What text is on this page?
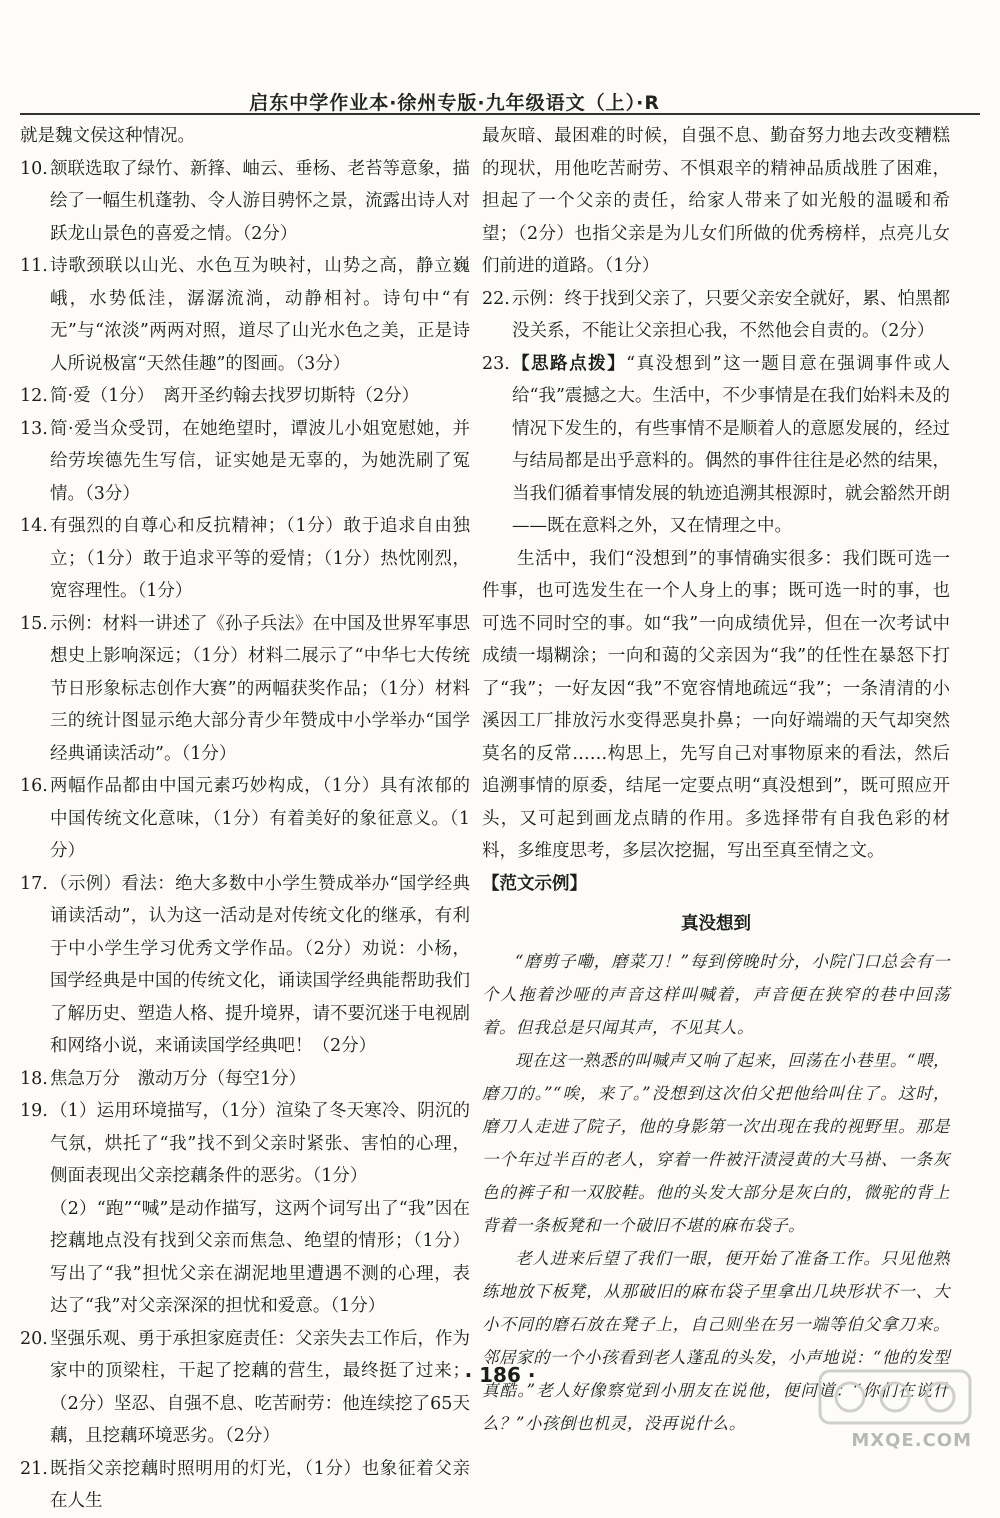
启东中学作业本·徐州专版·九年级语文（上）·R
就是魏文侯这种情况。
10. 颔联选取了绿竹、新箨、岫云、垂杨、老苔等意象，描绘了一幅生机蓬勃、令人游目骋怀之景，流露出诗人对跃龙山景色的喜爱之情。（2分）
11. 诗歌颈联以山光、水色互为映衬，山势之高，静立巍峨，水势低洼，潺潺流淌，动静相衬。诗句中“有无”与“浓淡”两两对照，道尽了山光水色之美，正是诗人所说极富“天然佳趣”的图画。（3分）
12. 简·爱（1分）　离开圣约翰去找罗切斯特（2分）
13. 简·爱当众受罚，在她绝望时，谭波儿小姐宽慰她，并给劳埃德先生写信，证实她是无辜的，为她洗刷了冤情。（3分）
14. 有强烈的自尊心和反抗精神；（1分）敢于追求自由独立；（1分）敢于追求平等的爱情；（1分）热忱刚烈，宽容理性。（1分）
15. 示例：材料一讲述了《孙子兵法》在中国及世界军事思想史上影响深远；（1分）材料二展示了“中华七大传统节日形象标志创作大赛”的两幅获奖作品；（1分）材料三的统计图显示绝大部分青少年赞成中小学举办“国学经典诵读活动”。（1分）
16. 两幅作品都由中国元素巧妙构成，（1分）具有浓郁的中国传统文化意味，（1分）有着美好的象征意义。（1分）
17. （示例）看法：绝大多数中小学生赞成举办“国学经典诵读活动”，认为这一活动是对传统文化的继承，有利于中小学生学习优秀文学作品。（2分）劝说：小杨，国学经典是中国的传统文化，诵读国学经典能帮助我们了解历史、塑造人格、提升境界，请不要沉迷于电视剧和网络小说，来诵读国学经典吧！（2分）
18. 焦急万分　激动万分（每空1分）
19. （1）运用环境描写，（1分）渲染了冬天寒冷、阴沉的气氛，烘托了“我”找不到父亲时紧张、害怕的心理，侧面表现出父亲挖藕条件的恶劣。（1分）
（2）“跑”“喊”是动作描写，这两个词写出了“我”因在挖藕地点没有找到父亲而焦急、绝望的情形；（1分）写出了“我”担忧父亲在湖泥地里遭遇不测的心理，表达了“我”对父亲深深的担忧和爱意。（1分）
20. 坚强乐观、勇于承担家庭责任：父亲失去工作后，作为家中的顶梁柱，干起了挖藕的营生，最终挺了过来；（2分）坚忍、自强不息、吃苦耐劳：他连续挖了65天藕，且挖藕环境恶劣。（2分）
21. 既指父亲挖藕时照明用的灯光，（1分）也象征着父亲在人生
最灰暗、最困难的时候，自强不息、勤奋努力地去改变糟糕的现状，用他吃苦耐劳、不惧艰辛的精神品质战胜了困难，担起了一个父亲的责任，给家人带来了如光般的温暖和希望；（2分）也指父亲是为儿女们所做的优秀榜样，点亮儿女们前进的道路。（1分）
22. 示例：终于找到父亲了，只要父亲安全就好，累、怕黑都没关系，不能让父亲担心我，不然他会自责的。（2分）
23. 【思路点拨】“真没想到”这一题目意在强调事件或人给“我”震撼之大。生活中，不少事情是在我们始料未及的情况下发生的，有些事情不是顺着人的意愿发展的，经过与结局都是出乎意料的。偶然的事件往往是必然的结果，当我们循着事情发展的轨迹追溯其根源时，就会豁然开朗——既在意料之外，又在情理之中。
生活中，我们“没想到”的事情确实很多：我们既可选一件事，也可选发生在一个人身上的事；既可选一时的事，也可选不同时空的事。如“我”一向成绩优异，但在一次考试中成绩一塌糊涂；一向和蔼的父亲因为“我”的任性在暴怒下打了“我”；一好友因“我”不宽容情地疏远“我”；一条清清的小溪因工厂排放污水变得恶臭扑鼻；一向好端端的天气却突然莫名的反常……构思上，先写自己对事物原来的看法，然后追溯事情的原委，结尾一定要点明“真没想到”，既可照应开头，又可起到画龙点睛的作用。多选择带有自我色彩的材料，多维度思考，多层次挖掘，写出至真至情之文。
【范文示例】
真没想到
“磨剪子嘞，磨菜刀！”每到傍晚时分，小院门口总会有一个人拖着沙哑的声音这样叫喊着，声音便在狭窄的巷中回荡着。但我总是只闻其声，不见其人。
现在这一熟悉的叫喊声又响了起来，回荡在小巷里。“喂，磨刀的。”“唉，来了。”没想到这次伯父把他给叫住了。这时，磨刀人走进了院子，他的身影第一次出现在我的视野里。那是一个年过半百的老人，穿着一件被汗渍浸黄的大马褂、一条灰色的裤子和一双胶鞋。他的头发大部分是灰白的，微驼的背上背着一条板凳和一个破旧不堪的麻布袋子。
老人进来后望了我们一眼，便开始了准备工作。只见他熟练地放下板凳，从那破旧的麻布袋子里拿出几块形状不一、大小不同的磨石放在凳子上，自己则坐在另一端等伯父拿刀来。邻居家的一个小孩看到老人蓬乱的头发，小声地说：“他的发型真酷。”老人好像察觉到小朋友在说他，便问道：“你们在说什么？”小孩倒也机灵，没再说什么。
· 186 ·
MXQE.COM
